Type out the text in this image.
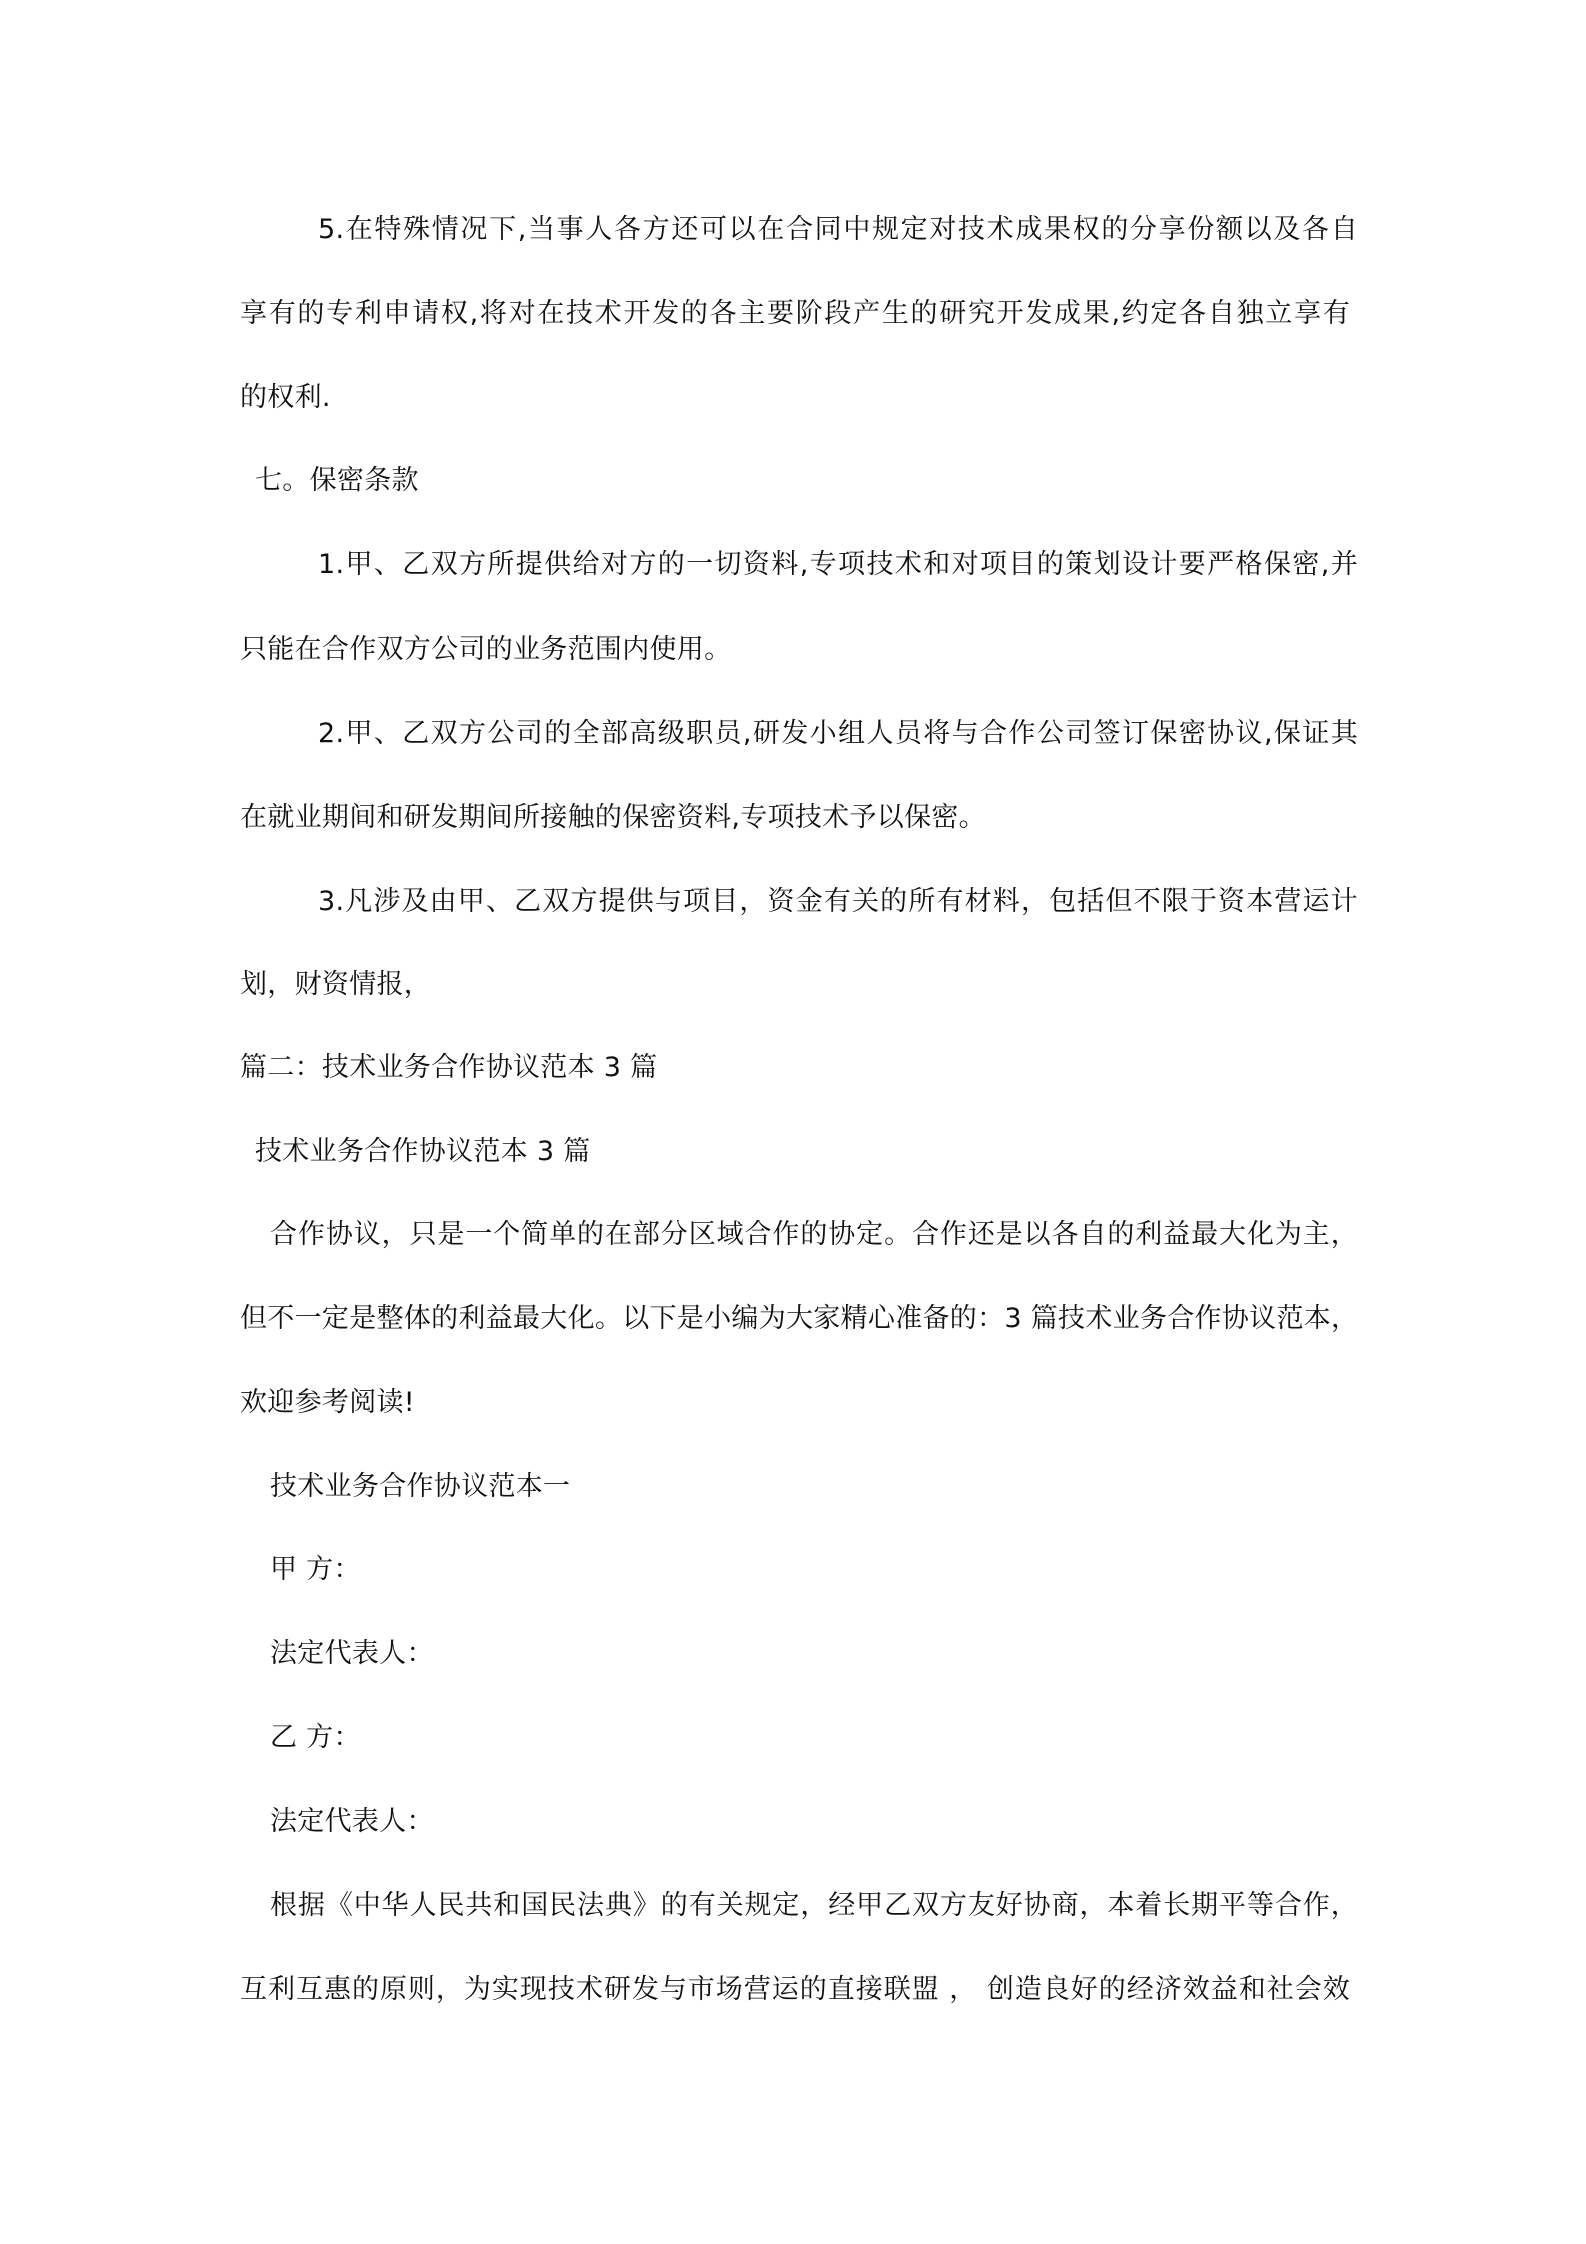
5.在特殊情况下,当事人各方还可以在合同中规定对技术成果权的分享份额以及各自
享有的专利申请权,将对在技术开发的各主要阶段产生的研究开发成果,约定各自独立享有
的权利.
七。保密条款
1.甲、乙双方所提供给对方的一切资料,专项技术和对项目的策划设计要严格保密,并
只能在合作双方公司的业务范围内使用。
2.甲、乙双方公司的全部高级职员,研发小组人员将与合作公司签订保密协议,保证其
在就业期间和研发期间所接触的保密资料,专项技术予以保密。
3.凡涉及由甲、乙双方提供与项目，资金有关的所有材料，包括但不限于资本营运计
划，财资情报，
篇二：技术业务合作协议范本 3 篇
技术业务合作协议范本 3 篇
合作协议，只是一个简单的在部分区域合作的协定。合作还是以各自的利益最大化为主，
但不一定是整体的利益最大化。以下是小编为大家精心准备的：3 篇技术业务合作协议范本，
欢迎参考阅读!
技术业务合作协议范本一
甲 方：
法定代表人：
乙 方：
法定代表人：
根据《中华人民共和国民法典》的有关规定，经甲乙双方友好协商，本着长期平等合作，
互利互惠的原则，为实现技术研发与市场营运的直接联盟 ， 创造良好的经济效益和社会效
